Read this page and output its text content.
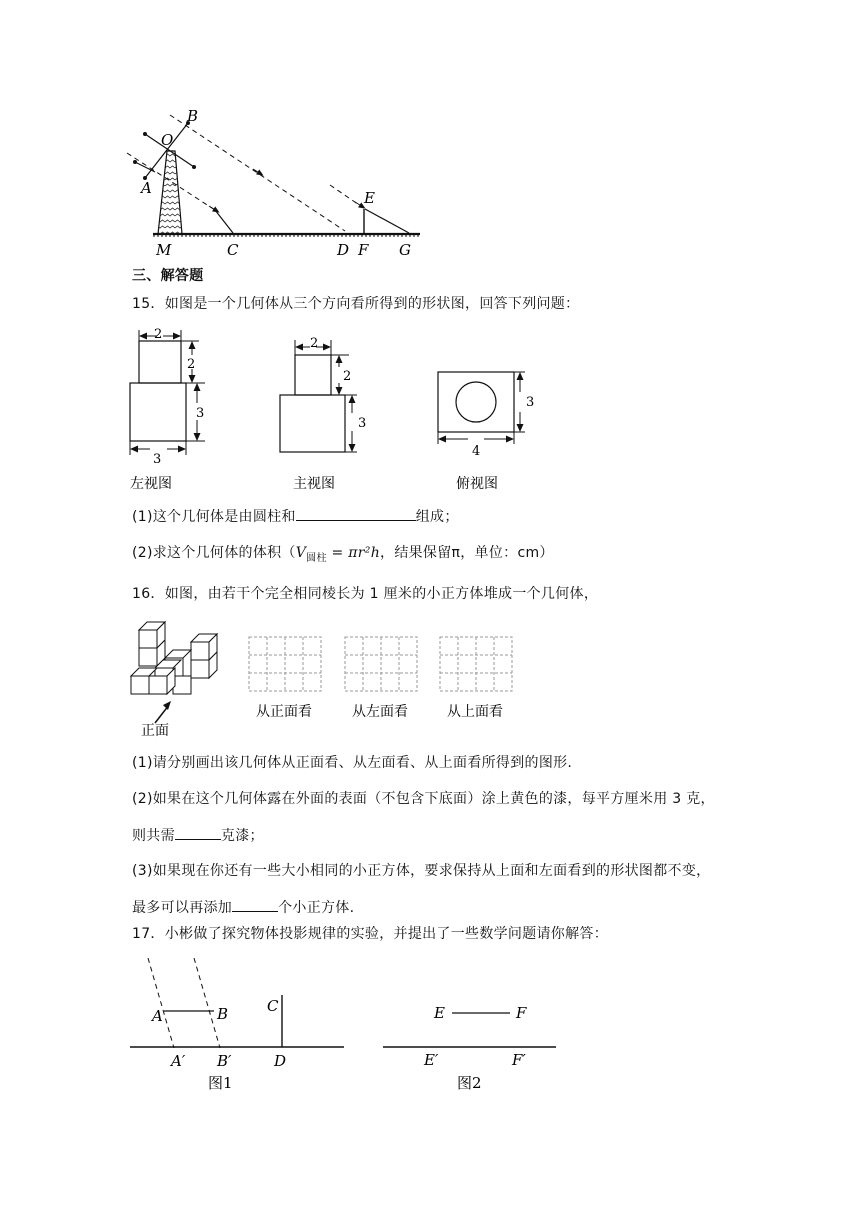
B
O
A
E
M	C	D F G
三、解答题
15．如图是一个几何体从三个方向看所得到的形状图，回答下列问题：
2
2
3
3
左视图
2
2
3
主视图
3
4
俯视图
(1)这个几何体是由圆柱和	组成；
(2)求这个几何体的体积（$V_{圆柱} = \pi r^2h$，结果保留π，单位：cm）
16．如图，由若干个完全相同棱长为 1 厘米的小正方体堆成一个几何体，
正面
从正面看	从左面看	从上面看
(1)请分别画出该几何体从正面看、从左面看、从上面看所得到的图形.
(2)如果在这个几何体露在外面的表面（不包含下底面）涂上黄色的漆，每平方厘米用 3 克，
则共需	克漆；
(3)如果现在你还有一些大小相同的小正方体，要求保持从上面和左面看到的形状图都不变，
最多可以再添加	个小正方体.
17．小彬做了探究物体投影规律的实验，并提出了一些数学问题请你解答：
A	B	C
A′ B′	D
图1
E	F
E′	F′
图2
